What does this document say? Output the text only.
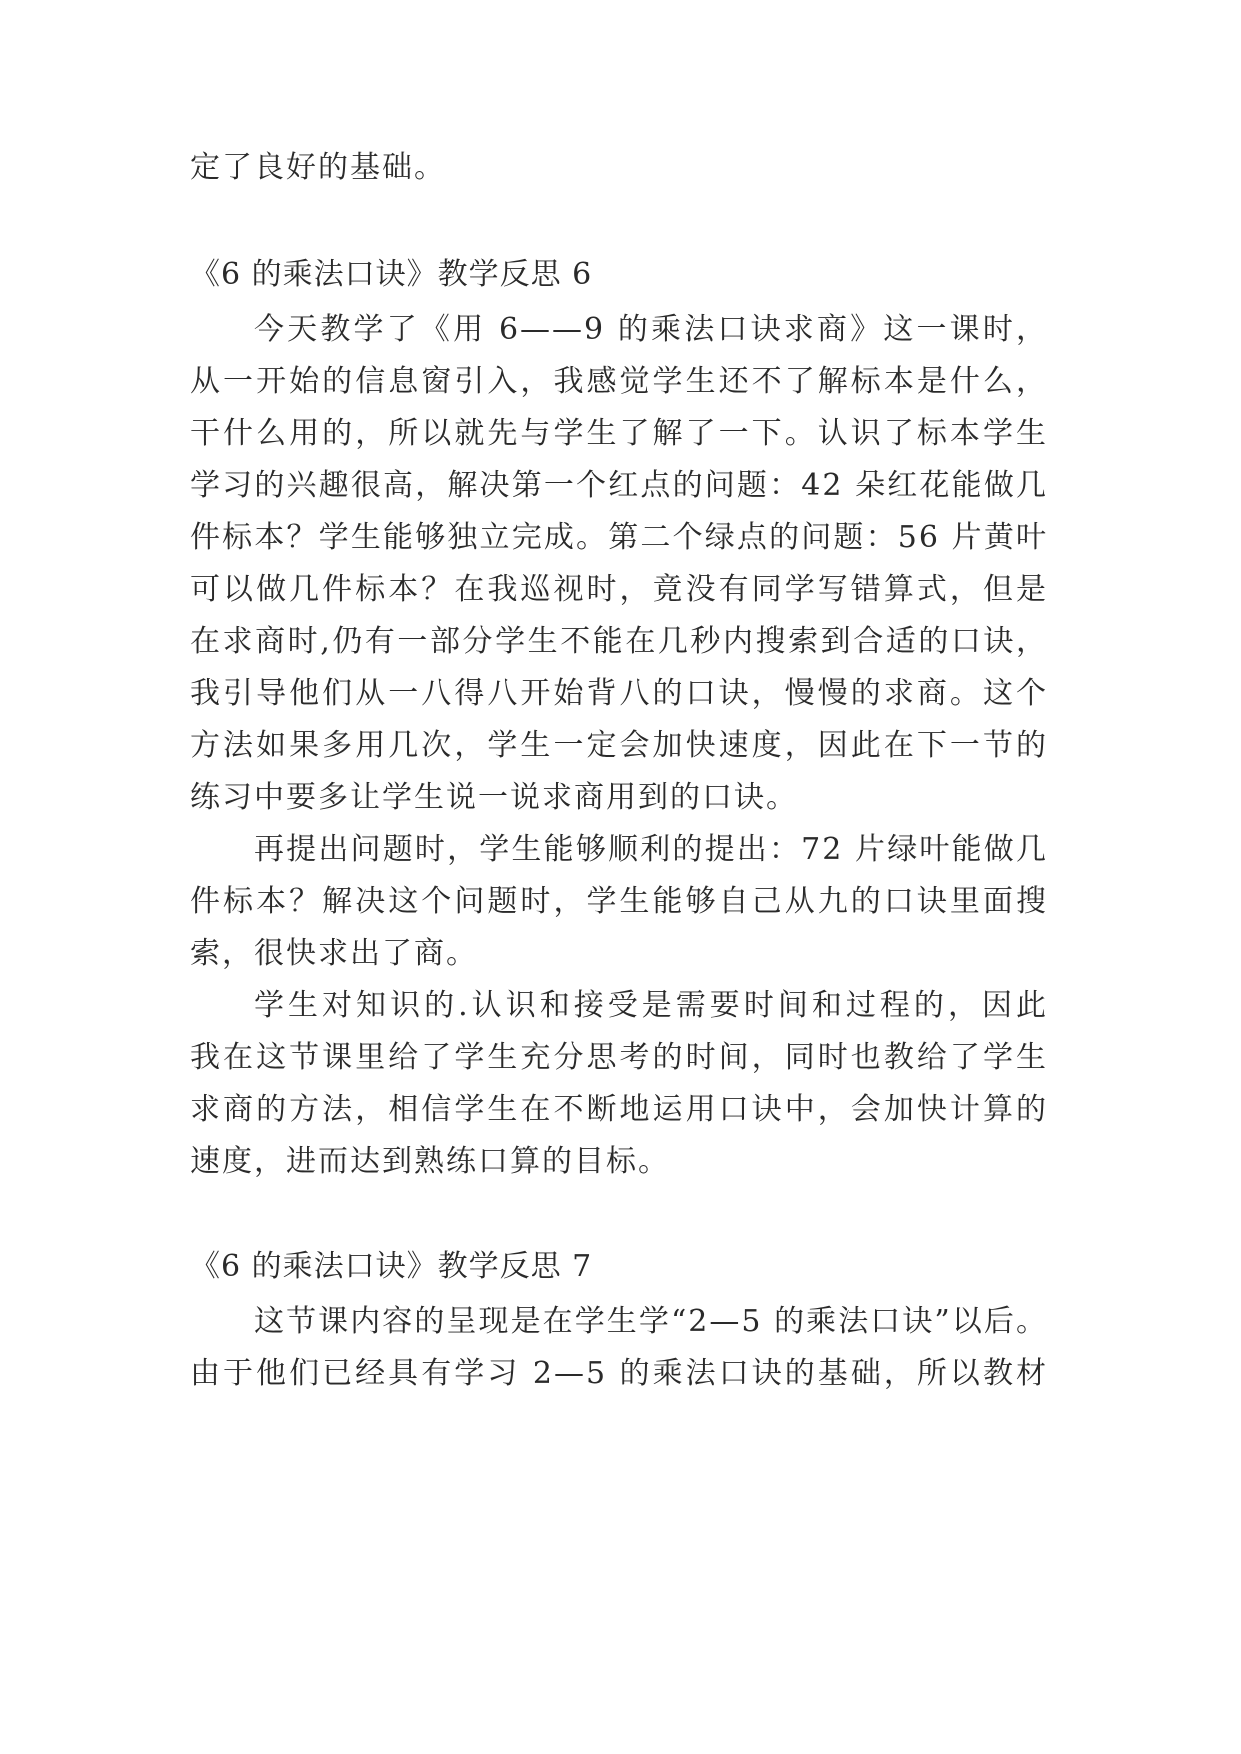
定了良好的基础。
《6 的乘法口诀》教学反思 6
今天教学了《用 6——9 的乘法口诀求商》这一课时，
从一开始的信息窗引入，我感觉学生还不了解标本是什么，
干什么用的，所以就先与学生了解了一下。认识了标本学生
学习的兴趣很高，解决第一个红点的问题：42 朵红花能做几
件标本？学生能够独立完成。第二个绿点的问题：56 片黄叶
可以做几件标本？在我巡视时，竟没有同学写错算式，但是
在求商时,仍有一部分学生不能在几秒内搜索到合适的口诀，
我引导他们从一八得八开始背八的口诀，慢慢的求商。这个
方法如果多用几次，学生一定会加快速度，因此在下一节的
练习中要多让学生说一说求商用到的口诀。
再提出问题时，学生能够顺利的提出：72 片绿叶能做几
件标本？解决这个问题时，学生能够自己从九的口诀里面搜
索，很快求出了商。
学生对知识的.认识和接受是需要时间和过程的，因此
我在这节课里给了学生充分思考的时间，同时也教给了学生
求商的方法，相信学生在不断地运用口诀中，会加快计算的
速度，进而达到熟练口算的目标。
《6 的乘法口诀》教学反思 7
这节课内容的呈现是在学生学“2—5 的乘法口诀”以后。
由于他们已经具有学习 2—5 的乘法口诀的基础，所以教材
